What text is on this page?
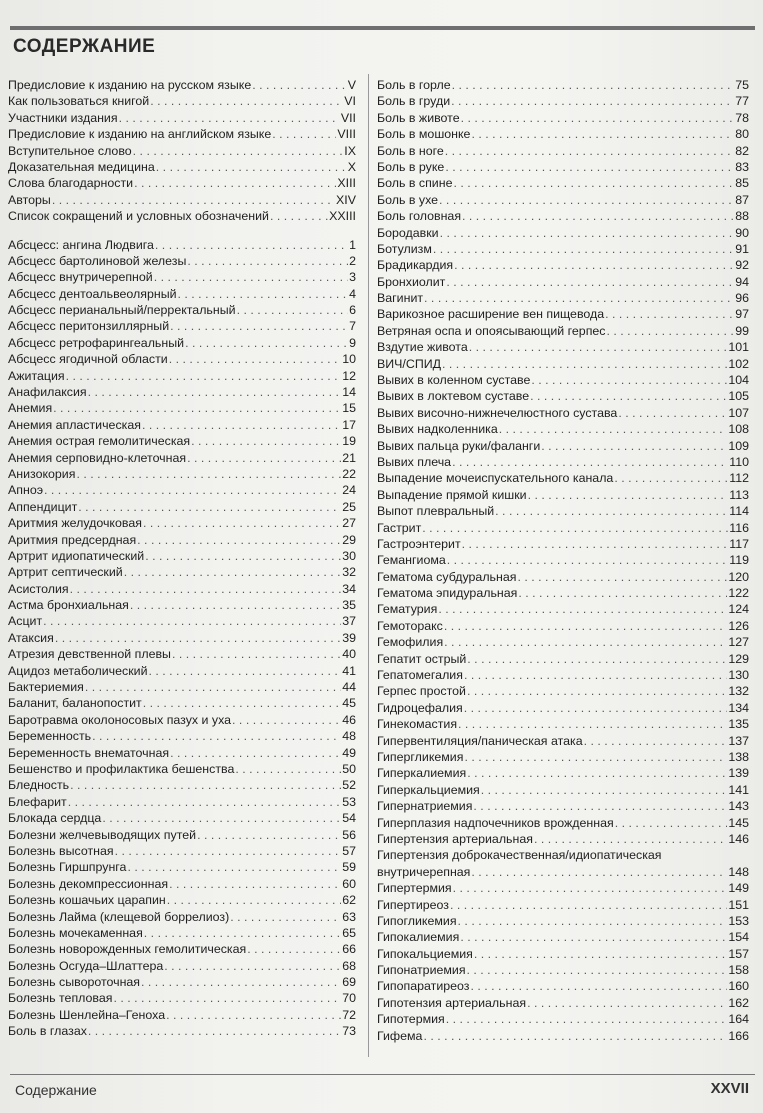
СОДЕРЖАНИЕ
Предисловие к изданию на русском языке . . .	V
Как пользоваться книгой . . .	VI
Участники издания . . .	VII
Предисловие к изданию на английском языке . . .	VIII
Вступительное слово . . .	IX
Доказательная медицина . . .	X
Слова благодарности . . .	XIII
Авторы . . .	XIV
Список сокращений и условных обозначений . . .	XXIII
Абсцесс: ангина Людвига . . .	1
Абсцесс бартолиновой железы . . .	2
Абсцесс внутричерепной . . .	3
Абсцесс дентоальвеолярный . . .	4
Абсцесс перианальный/перректальный . . .	6
Абсцесс перитонзиллярный . . .	7
Абсцесс ретрофарингеальный . . .	9
Абсцесс ягодичной области . . .	10
Ажитация . . .	12
Анафилаксия . . .	14
Анемия . . .	15
Анемия апластическая . . .	17
Анемия острая гемолитическая . . .	19
Анемия серповидно-клеточная . . .	21
Анизокория . . .	22
Апноэ . . .	24
Аппендицит . . .	25
Аритмия желудочковая . . .	27
Аритмия предсердная . . .	29
Артрит идиопатический . . .	30
Артрит септический . . .	32
Асистолия . . .	34
Астма бронхиальная . . .	35
Асцит . . .	37
Атаксия . . .	39
Атрезия девственной плевы . . .	40
Ацидоз метаболический . . .	41
Бактериемия . . .	44
Баланит, баланопостит . . .	45
Баротравма околоносовых пазух и уха . . .	46
Беременность . . .	48
Беременность внематочная . . .	49
Бешенство и профилактика бешенства . . .	50
Бледность . . .	52
Блефарит . . .	53
Блокада сердца . . .	54
Болезни желчевыводящих путей . . .	56
Болезнь высотная . . .	57
Болезнь Гиршпрунга . . .	59
Болезнь декомпрессионная . . .	60
Болезнь кошачьих царапин . . .	62
Болезнь Лайма (клещевой боррелиоз) . . .	63
Болезнь мочекаменная . . .	65
Болезнь новорожденных гемолитическая . . .	66
Болезнь Осгуда–Шлаттера . . .	68
Болезнь сывороточная . . .	69
Болезнь тепловая . . .	70
Болезнь Шенлейна–Геноха . . .	72
Боль в глазах . . .	73
Боль в горле . . .	75
Боль в груди . . .	77
Боль в животе . . .	78
Боль в мошонке . . .	80
Боль в ноге . . .	82
Боль в руке . . .	83
Боль в спине . . .	85
Боль в ухе . . .	87
Боль головная . . .	88
Бородавки . . .	90
Ботулизм . . .	91
Брадикардия . . .	92
Бронхиолит . . .	94
Вагинит . . .	96
Варикозное расширение вен пищевода . . .	97
Ветряная оспа и опоясывающий герпес . . .	99
Вздутие живота . . .	101
ВИЧ/СПИД . . .	102
Вывих в коленном суставе . . .	104
Вывих в локтевом суставе . . .	105
Вывих височно-нижнечелюстного сустава . . .	107
Вывих надколенника . . .	108
Вывих пальца руки/фаланги . . .	109
Вывих плеча . . .	110
Выпадение мочеиспускательного канала . . .	112
Выпадение прямой кишки . . .	113
Выпот плевральный . . .	114
Гастрит . . .	116
Гастроэнтерит . . .	117
Гемангиома . . .	119
Гематома субдуральная . . .	120
Гематома эпидуральная . . .	122
Гематурия . . .	124
Гемоторакс . . .	126
Гемофилия . . .	127
Гепатит острый . . .	129
Гепатомегалия . . .	130
Герпес простой . . .	132
Гидроцефалия . . .	134
Гинекомастия . . .	135
Гипервентиляция/паническая атака . . .	137
Гипергликемия . . .	138
Гиперкалиемия . . .	139
Гиперкальциемия . . .	141
Гипернатриемия . . .	143
Гиперплазия надпочечников врожденная . . .	145
Гипертензия артериальная . . .	146
Гипертензия доброкачественная/идиопатическая
внутричерепная . . .	148
Гипертермия . . .	149
Гипертиреоз . . .	151
Гипогликемия . . .	153
Гипокалиемия . . .	154
Гипокальциемия . . .	157
Гипонатриемия . . .	158
Гипопаратиреоз . . .	160
Гипотензия артериальная . . .	162
Гипотермия . . .	164
Гифема . . .	166
Содержание	XXVII
